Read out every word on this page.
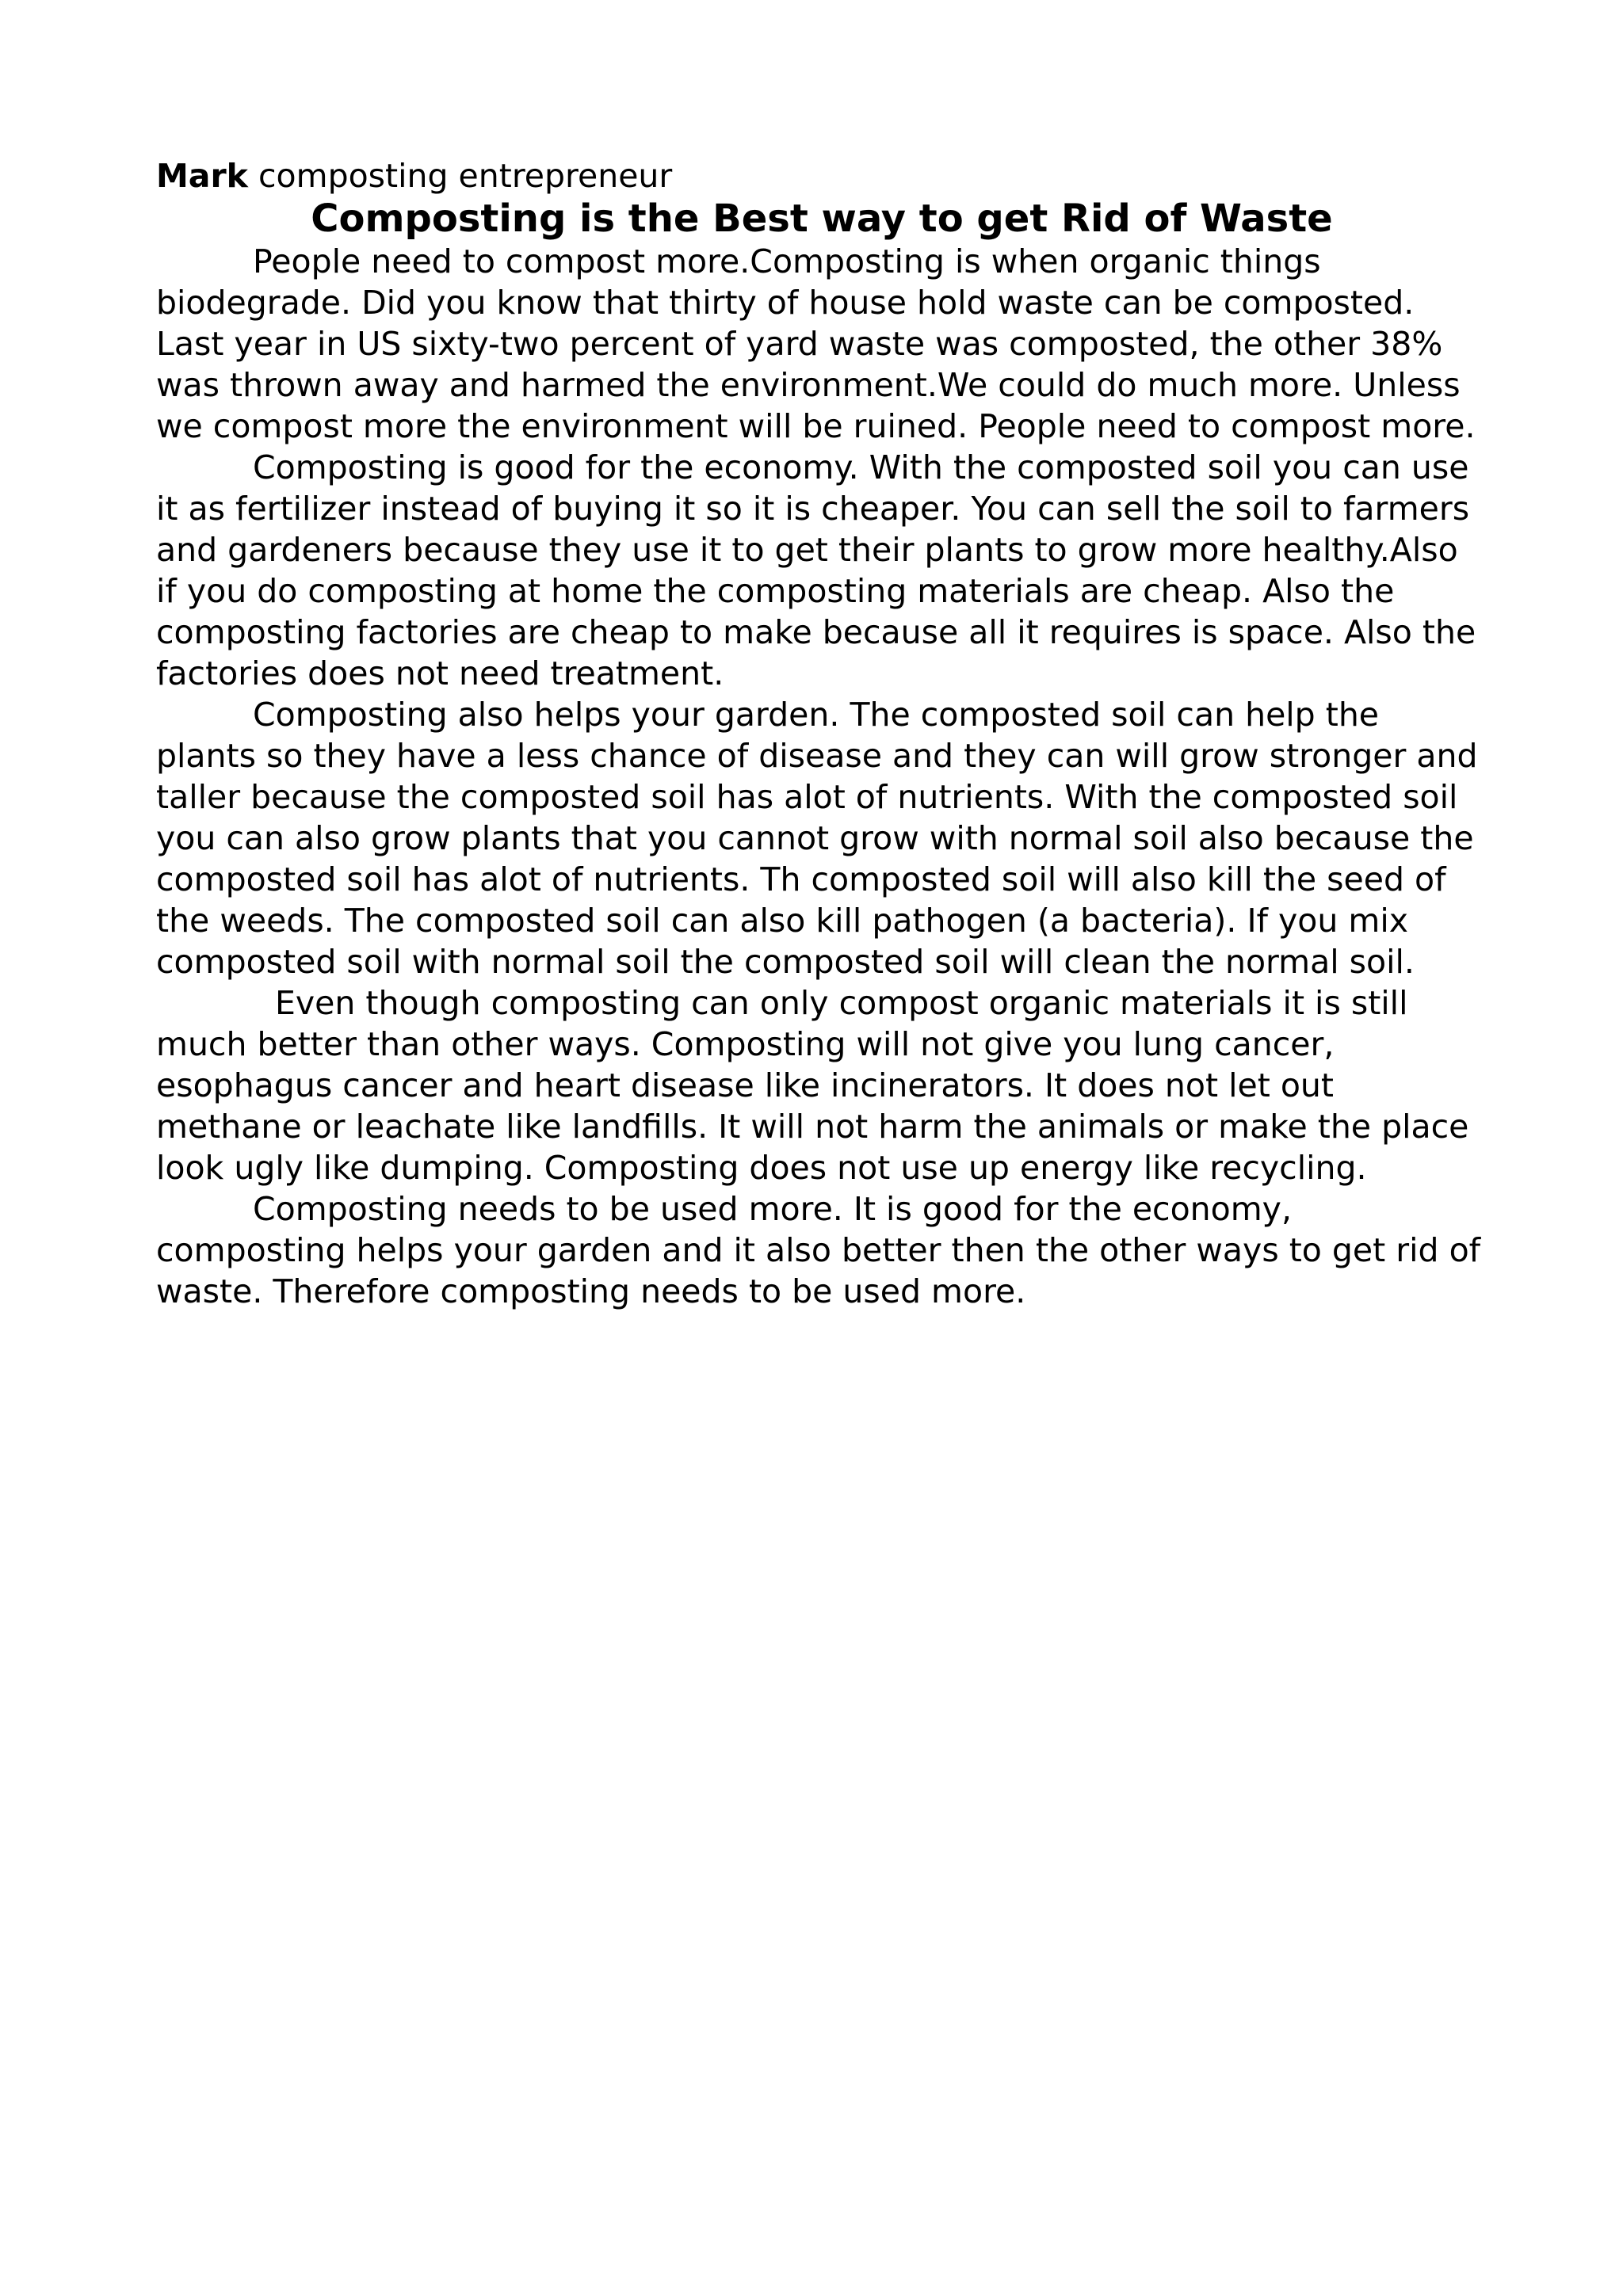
Mark composting entrepreneur

Composting is the Best way to get Rid of Waste

People need to compost more.Composting is when organic things biodegrade. Did you know that thirty of house hold waste can be composted. Last year in US sixty-two percent of yard waste was composted, the other 38% was thrown away and harmed the environment.We could do much more. Unless we compost more the environment will be ruined. People need to compost more.

Composting is good for the economy. With the composted soil you can use it as fertilizer instead of buying it so it is cheaper. You can sell the soil to farmers and gardeners because they use it to get their plants to grow more healthy.Also if you do composting at home the composting materials are cheap. Also the composting factories are cheap to make because all it requires is space. Also the factories does not need treatment.

Composting also helps your garden. The composted soil can help the plants so they have a less chance of disease and they can will grow stronger and taller because the composted soil has alot of nutrients. With the composted soil you can also grow plants that you cannot grow with normal soil also because the composted soil has alot of nutrients. Th composted soil will also kill the seed of the weeds. The composted soil can also kill pathogen (a bacteria). If you mix composted soil with normal soil the composted soil will clean the normal soil.

Even though composting can only compost organic materials it is still much better than other ways. Composting will not give you lung cancer, esophagus cancer and heart disease like incinerators. It does not let out methane or leachate like landfills. It will not harm the animals or make the place look ugly like dumping. Composting does not use up energy like recycling.

Composting needs to be used more. It is good for the economy, composting helps your garden and it also better then the other ways to get rid of waste. Therefore composting needs to be used more.
